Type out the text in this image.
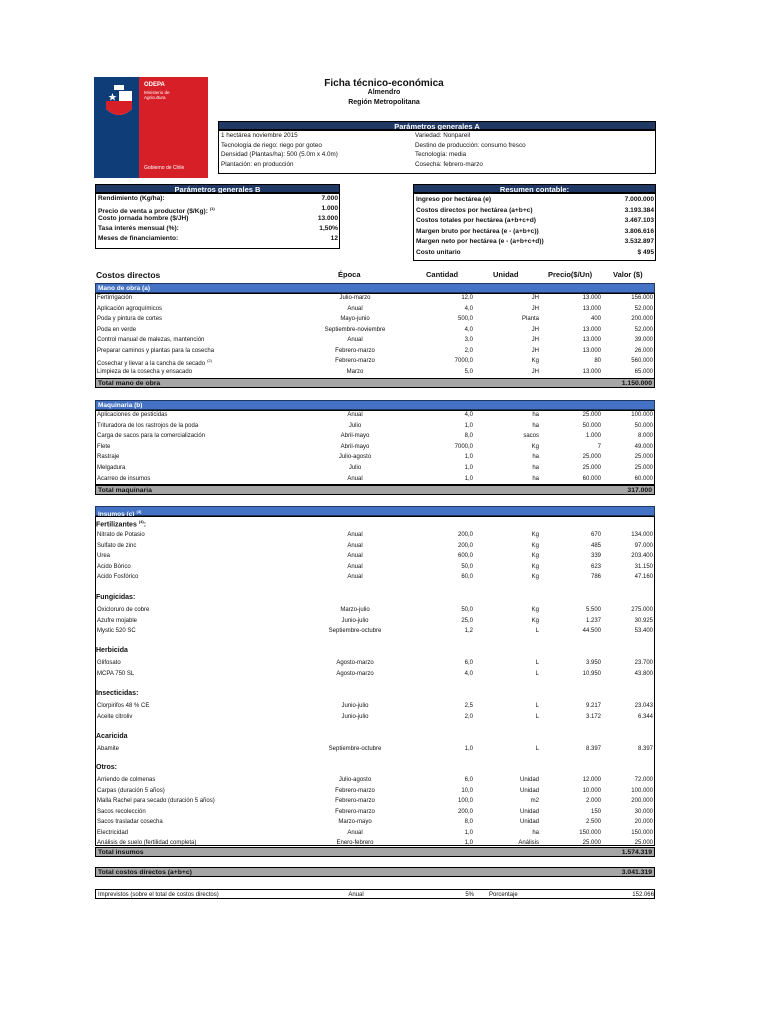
ODEPA
Ministerio de
Agricultura
Gobierno de Chile
Ficha técnico-económica
Almendro
Región Metropolitana
Parámetros generales A
1 hectárea noviembre 2015
Tecnología de riego: riego por goteo
Densidad (Plantas/ha): 500 (5.0m x 4.0m)
Plantación: en producción
Variedad: Nonpareil
Destino de producción: consumo fresco
Tecnología: media
Cosecha: febrero-marzo
Parámetros generales B
Rendimiento (Kg/ha):	7.000
Precio de venta a productor ($/Kg): $^{(1)}$	1.000
Costo jornada hombre ($/JH)	13.000
Tasa interés mensual (%):	1,50%
Meses de financiamiento:	12
Resumen contable:
Ingreso por hectárea (e)	7.000.000
Costos directos por hectárea (a+b+c)	3.193.384
Costos totales por hectárea (a+b+c+d)	3.467.103
Margen bruto por hectárea (e - (a+b+c))	3.806.616
Margen neto por hectárea (e - (a+b+c+d))	3.532.897
Costo unitario	$ 495
Costos directos	Época	Cantidad	Unidad	Precio($/Un)	Valor ($)
Mano de obra (a)
Fertirrigación	Julio-marzo	12,0	JH	13.000	156.000
Aplicación agroquímicos	Anual	4,0	JH	13.000	52.000
Poda y pintura de cortes	Mayo-junio	500,0	Planta	400	200.000
Poda en verde	Septiembre-noviembre	4,0	JH	13.000	52.000
Control manual de malezas, mantención	Anual	3,0	JH	13.000	39.000
Preparar caminos y plantas para la cosecha	Febrero-marzo	2,0	JH	13.000	26.000
Cosechar y llevar a la cancha de secado$^{(2)}$	Febrero-marzo	7000,0	Kg	80	560.000
Limpieza de la cosecha y ensacado	Marzo	5,0	JH	13.000	65.000
Total mano de obra	1.150.000
Maquinaria (b)
Aplicaciones de pesticidas	Anual	4,0	ha	25.000	100.000
Trituradora de los rastrojos de la poda	Julio	1,0	ha	50.000	50.000
Carga de sacos para la comercialización	Abril-mayo	8,0	sacos	1.000	8.000
Flete	Abril-mayo	7000,0	Kg	7	49.000
Rastraje	Julio-agosto	1,0	ha	25.000	25.000
Melgadura	Julio	1,0	ha	25.000	25.000
Acarreo de insumos	Anual	1,0	ha	60.000	60.000
Total maquinaria	317.000
Insumos (c) $^{(3)}$
Fertilizantes $^{(4)}$:
Nitrato de Potasio	Anual	200,0	Kg	670	134.000
Sulfato de zinc	Anual	200,0	Kg	485	97.000
Urea	Anual	600,0	Kg	339	203.400
Acido Bórico	Anual	50,0	Kg	623	31.150
Acido Fosfórico	Anual	60,0	Kg	786	47.160
Fungicidas:
Oxicloruro de cobre	Marzo-julio	50,0	Kg	5.500	275.000
Azufre mojable	Junio-julio	25,0	Kg	1.237	30.925
Mystic 520 SC	Septiembre-octubre	1,2	L	44.500	53.400
Herbicida
Glifosato	Agosto-marzo	6,0	L	3.950	23.700
MCPA 750 SL	Agosto-marzo	4,0	L	10.950	43.800
Insecticidas:
Clorpirifos 48 % CE	Junio-julio	2,5	L	9.217	23.043
Aceite citroliv	Junio-julio	2,0	L	3.172	6.344
Acaricida
Abamite	Septiembre-octubre	1,0	L	8.397	8.397
Otros:
Arriendo de colmenas	Julio-agosto	6,0	Unidad	12.000	72.000
Carpas (duración 5 años)	Febrero-marzo	10,0	Unidad	10.000	100.000
Malla Rachel para secado (duración 5 años)	Febrero-marzo	100,0	m2	2.000	200.000
Sacos recolección	Febrero-marzo	200,0	Unidad	150	30.000
Sacos trasladar cosecha	Marzo-mayo	8,0	Unidad	2.500	20.000
Electricidad	Anual	1,0	ha	150.000	150.000
Análisis de suelo (fertilidad completa)	Enero-febrero	1,0	Análisis	25.000	25.000
Total insumos	1.574.319
Total costos directos (a+b+c)	3.041.319
Imprevistos (sobre el total de costos directos)	Anual	5%	Porcentaje	152.066
